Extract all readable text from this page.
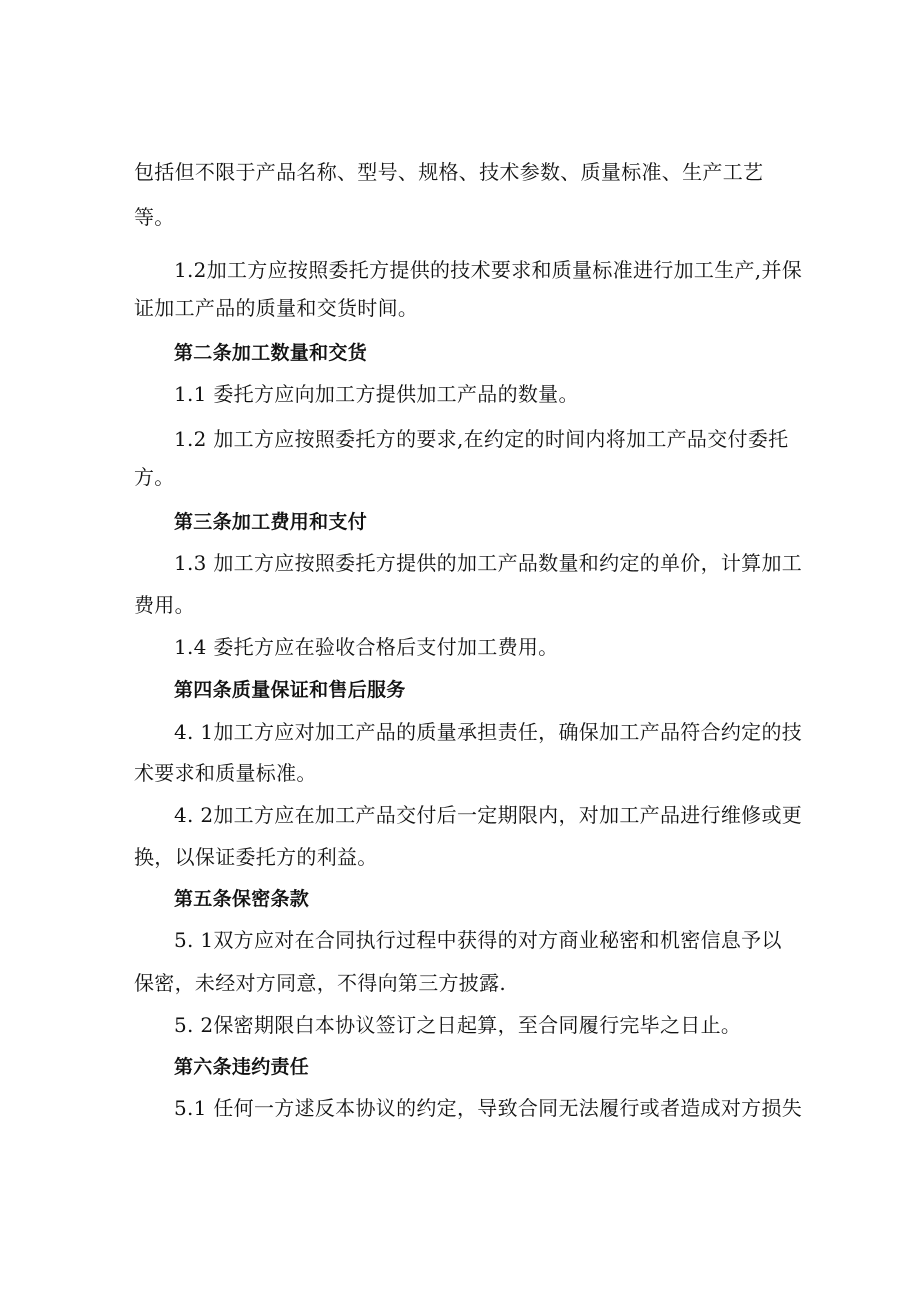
包括但不限于产品名称、型号、规格、技术参数、质量标准、生产工艺
等。
1.2加工方应按照委托方提供的技术要求和质量标准进行加工生产,并保
证加工产品的质量和交货时间。
第二条加工数量和交货
1.1 委托方应向加工方提供加工产品的数量。
1.2 加工方应按照委托方的要求,在约定的时间内将加工产品交付委托
方。
第三条加工费用和支付
1.3 加工方应按照委托方提供的加工产品数量和约定的单价，计算加工
费用。
1.4 委托方应在验收合格后支付加工费用。
第四条质量保证和售后服务
4. 1加工方应对加工产品的质量承担责任，确保加工产品符合约定的技
术要求和质量标准。
4. 2加工方应在加工产品交付后一定期限内，对加工产品进行维修或更
换，以保证委托方的利益。
第五条保密条款
5. 1双方应对在合同执行过程中获得的对方商业秘密和机密信息予以
保密，未经对方同意，不得向第三方披露.
5. 2保密期限白本协议签订之日起算，至合同履行完毕之日止。
第六条违约责任
5.1 任何一方逑反本协议的约定，导致合同无法履行或者造成对方损失
